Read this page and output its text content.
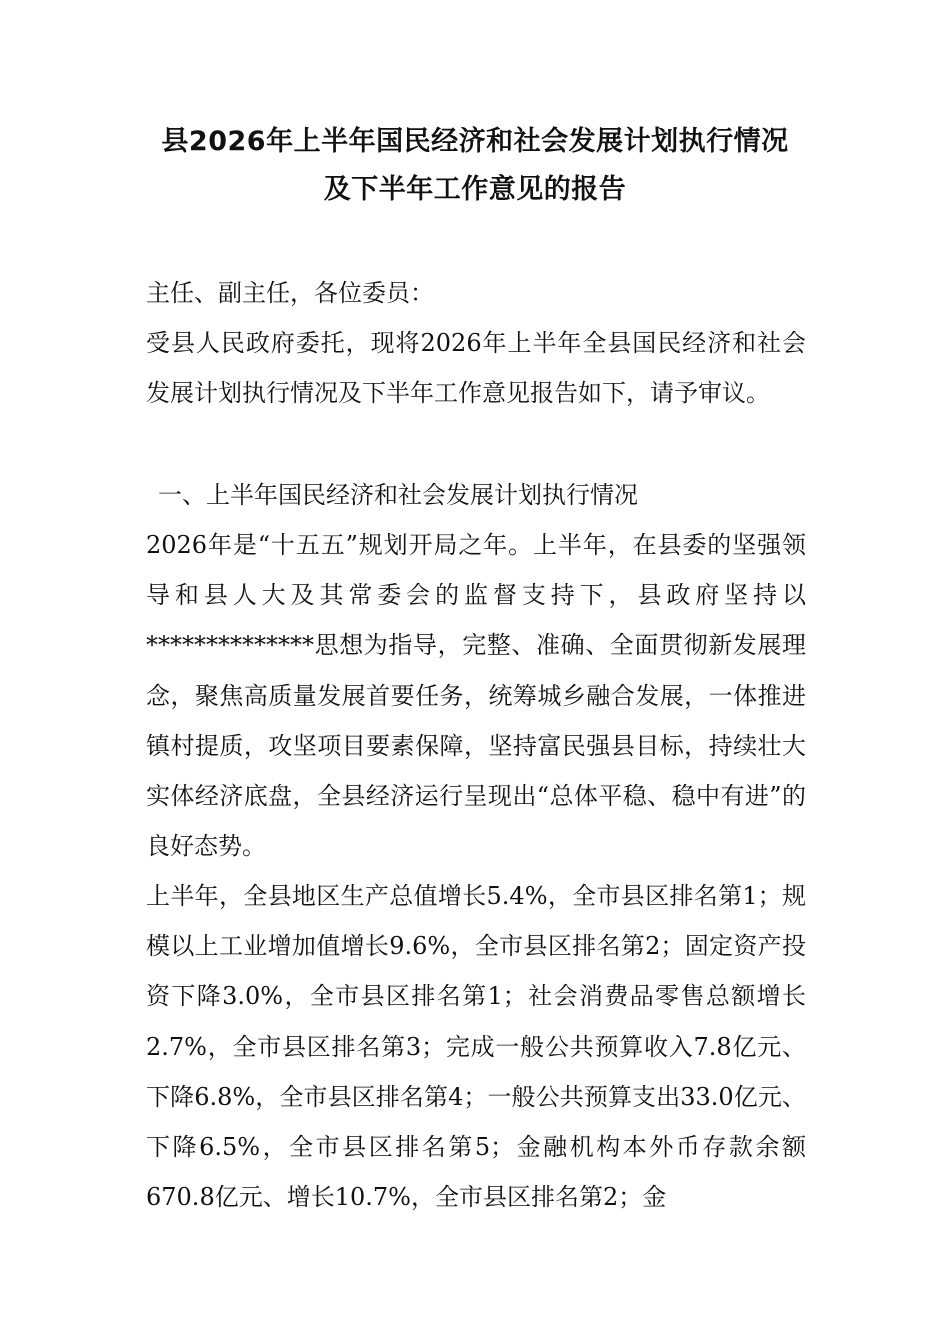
县2026年上半年国民经济和社会发展计划执行情况
及下半年工作意见的报告
主任、副主任，各位委员：
受县人民政府委托，现将2026年上半年全县国民经济和社会发展计划执行情况及下半年工作意见报告如下，请予审议。
一、上半年国民经济和社会发展计划执行情况
2026年是“十五五”规划开局之年。上半年，在县委的坚强领导和县人大及其常委会的监督支持下，县政府坚持以**************思想为指导，完整、准确、全面贯彻新发展理念，聚焦高质量发展首要任务，统筹城乡融合发展，一体推进镇村提质，攻坚项目要素保障，坚持富民强县目标，持续壮大实体经济底盘，全县经济运行呈现出“总体平稳、稳中有进”的良好态势。
上半年，全县地区生产总值增长5.4%，全市县区排名第1；规模以上工业增加值增长9.6%，全市县区排名第2；固定资产投资下降3.0%，全市县区排名第1；社会消费品零售总额增长2.7%，全市县区排名第3；完成一般公共预算收入7.8亿元、下降6.8%，全市县区排名第4；一般公共预算支出33.0亿元、下降6.5%，全市县区排名第5；金融机构本外币存款余额670.8亿元、增长10.7%，全市县区排名第2；金
